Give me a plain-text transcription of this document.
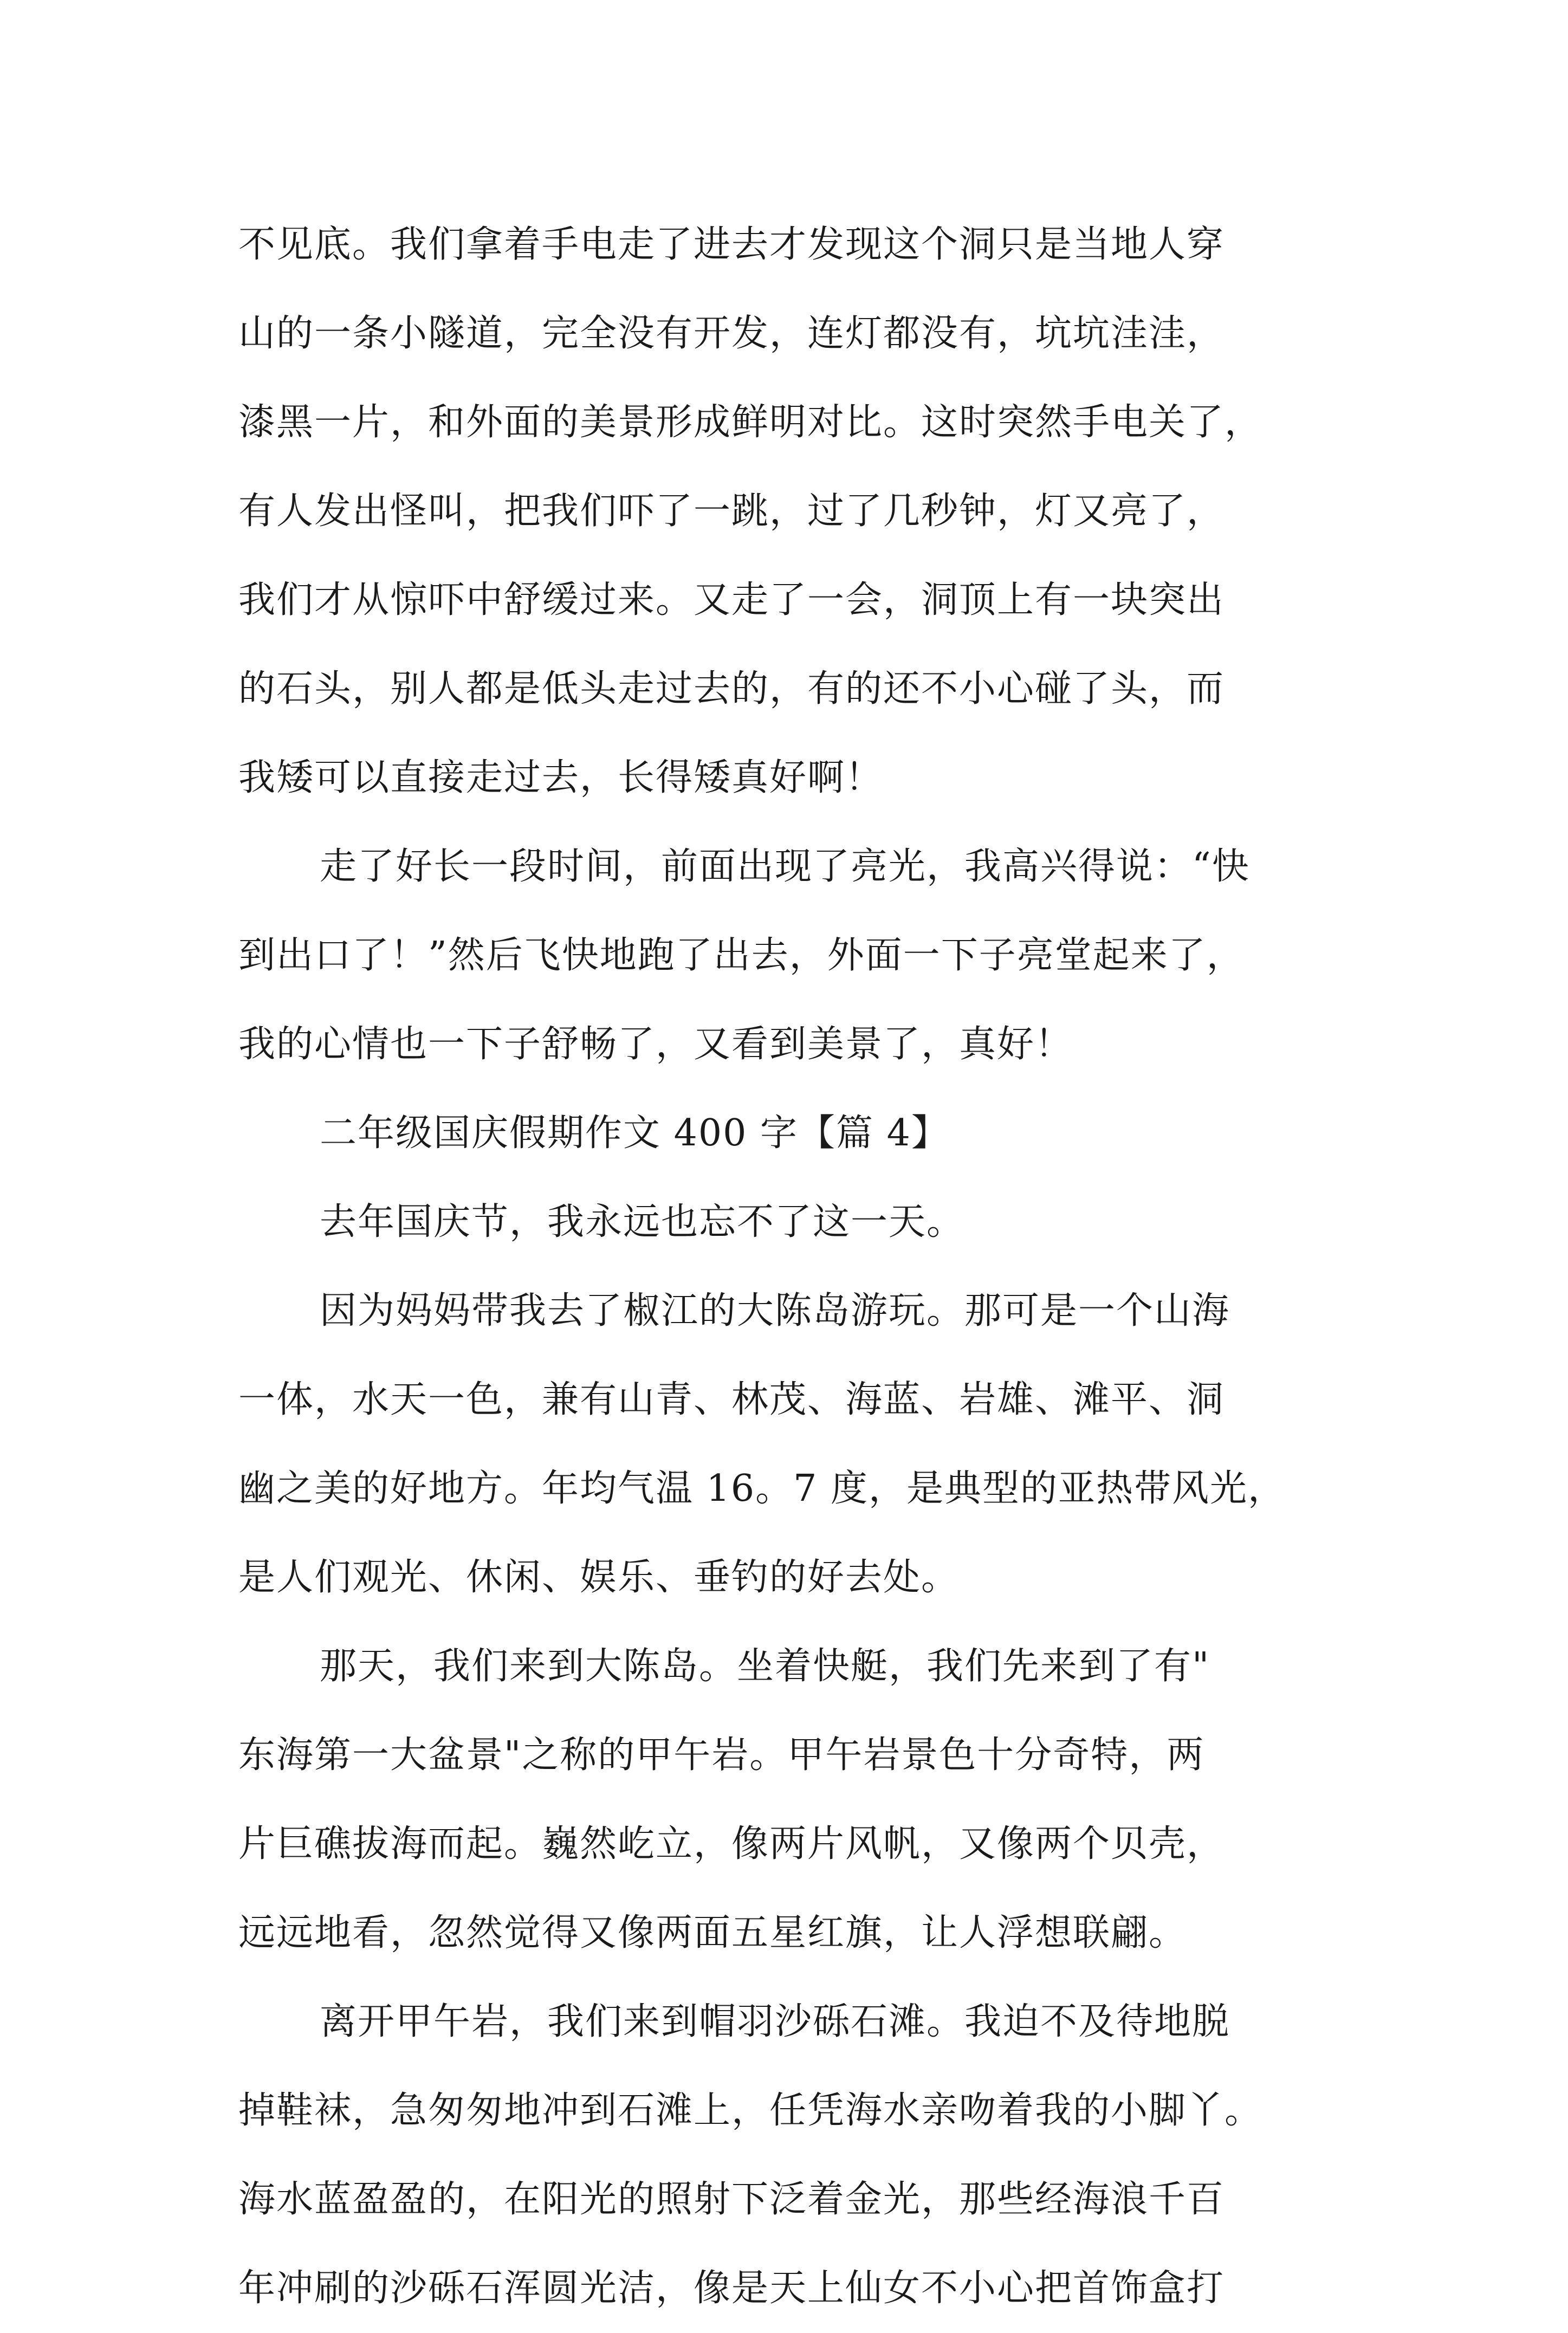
不见底。我们拿着手电走了进去才发现这个洞只是当地人穿
山的一条小隧道，完全没有开发，连灯都没有，坑坑洼洼，
漆黑一片，和外面的美景形成鲜明对比。这时突然手电关了，
有人发出怪叫，把我们吓了一跳，过了几秒钟，灯又亮了，
我们才从惊吓中舒缓过来。又走了一会，洞顶上有一块突出
的石头，别人都是低头走过去的，有的还不小心碰了头，而
我矮可以直接走过去，长得矮真好啊！
走了好长一段时间，前面出现了亮光，我高兴得说：“快
到出口了！”然后飞快地跑了出去，外面一下子亮堂起来了，
我的心情也一下子舒畅了，又看到美景了，真好！
二年级国庆假期作文 400 字【篇 4】
去年国庆节，我永远也忘不了这一天。
因为妈妈带我去了椒江的大陈岛游玩。那可是一个山海
一体，水天一色，兼有山青、林茂、海蓝、岩雄、滩平、洞
幽之美的好地方。年均气温 16。7 度，是典型的亚热带风光，
是人们观光、休闲、娱乐、垂钓的好去处。
那天，我们来到大陈岛。坐着快艇，我们先来到了有"
东海第一大盆景"之称的甲午岩。甲午岩景色十分奇特，两
片巨礁拔海而起。巍然屹立，像两片风帆，又像两个贝壳，
远远地看，忽然觉得又像两面五星红旗，让人浮想联翩。
离开甲午岩，我们来到帽羽沙砾石滩。我迫不及待地脱
掉鞋袜，急匆匆地冲到石滩上，任凭海水亲吻着我的小脚丫。
海水蓝盈盈的，在阳光的照射下泛着金光，那些经海浪千百
年冲刷的沙砾石浑圆光洁，像是天上仙女不小心把首饰盒打
